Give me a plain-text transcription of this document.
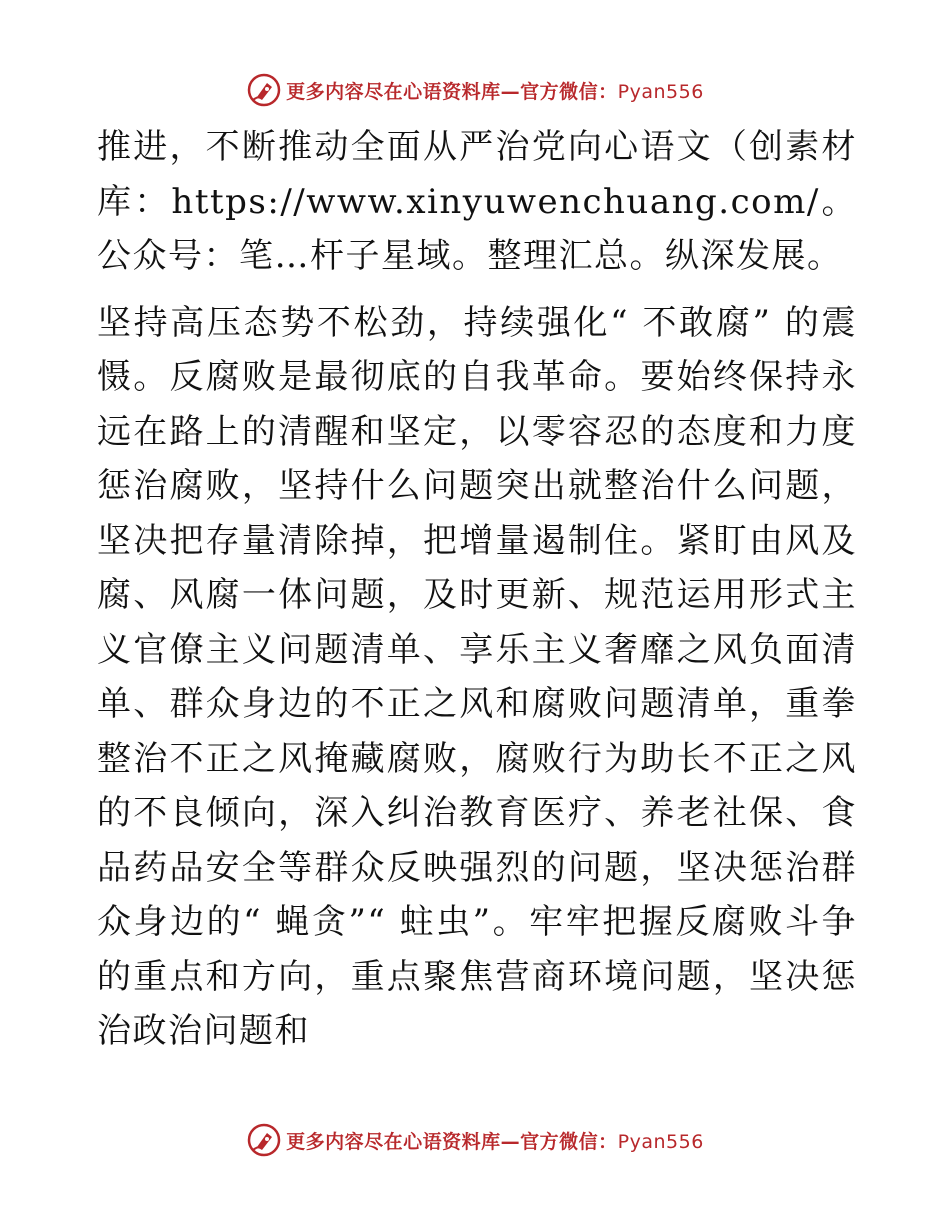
更多内容尽在心语资料库—官方微信：Pyan556

推进，不断推动全面从严治党向心语文（创素材库：https://www.xinyuwenchuang.com/。公众号：笔…杆子星域。整理汇总。纵深发展。

坚持高压态势不松劲，持续强化“ 不敢腐” 的震慑。反腐败是最彻底的自我革命。要始终保持永远在路上的清醒和坚定，以零容忍的态度和力度惩治腐败，坚持什么问题突出就整治什么问题，坚决把存量清除掉，把增量遏制住。紧盯由风及腐、风腐一体问题，及时更新、规范运用形式主义官僚主义问题清单、享乐主义奢靡之风负面清单、群众身边的不正之风和腐败问题清单，重拳整治不正之风掩藏腐败，腐败行为助长不正之风的不良倾向，深入纠治教育医疗、养老社保、食品药品安全等群众反映强烈的问题，坚决惩治群众身边的“ 蝇贪”“ 蛀虫”。牢牢把握反腐败斗争的重点和方向，重点聚焦营商环境问题，坚决惩治政治问题和

更多内容尽在心语资料库—官方微信：Pyan556
